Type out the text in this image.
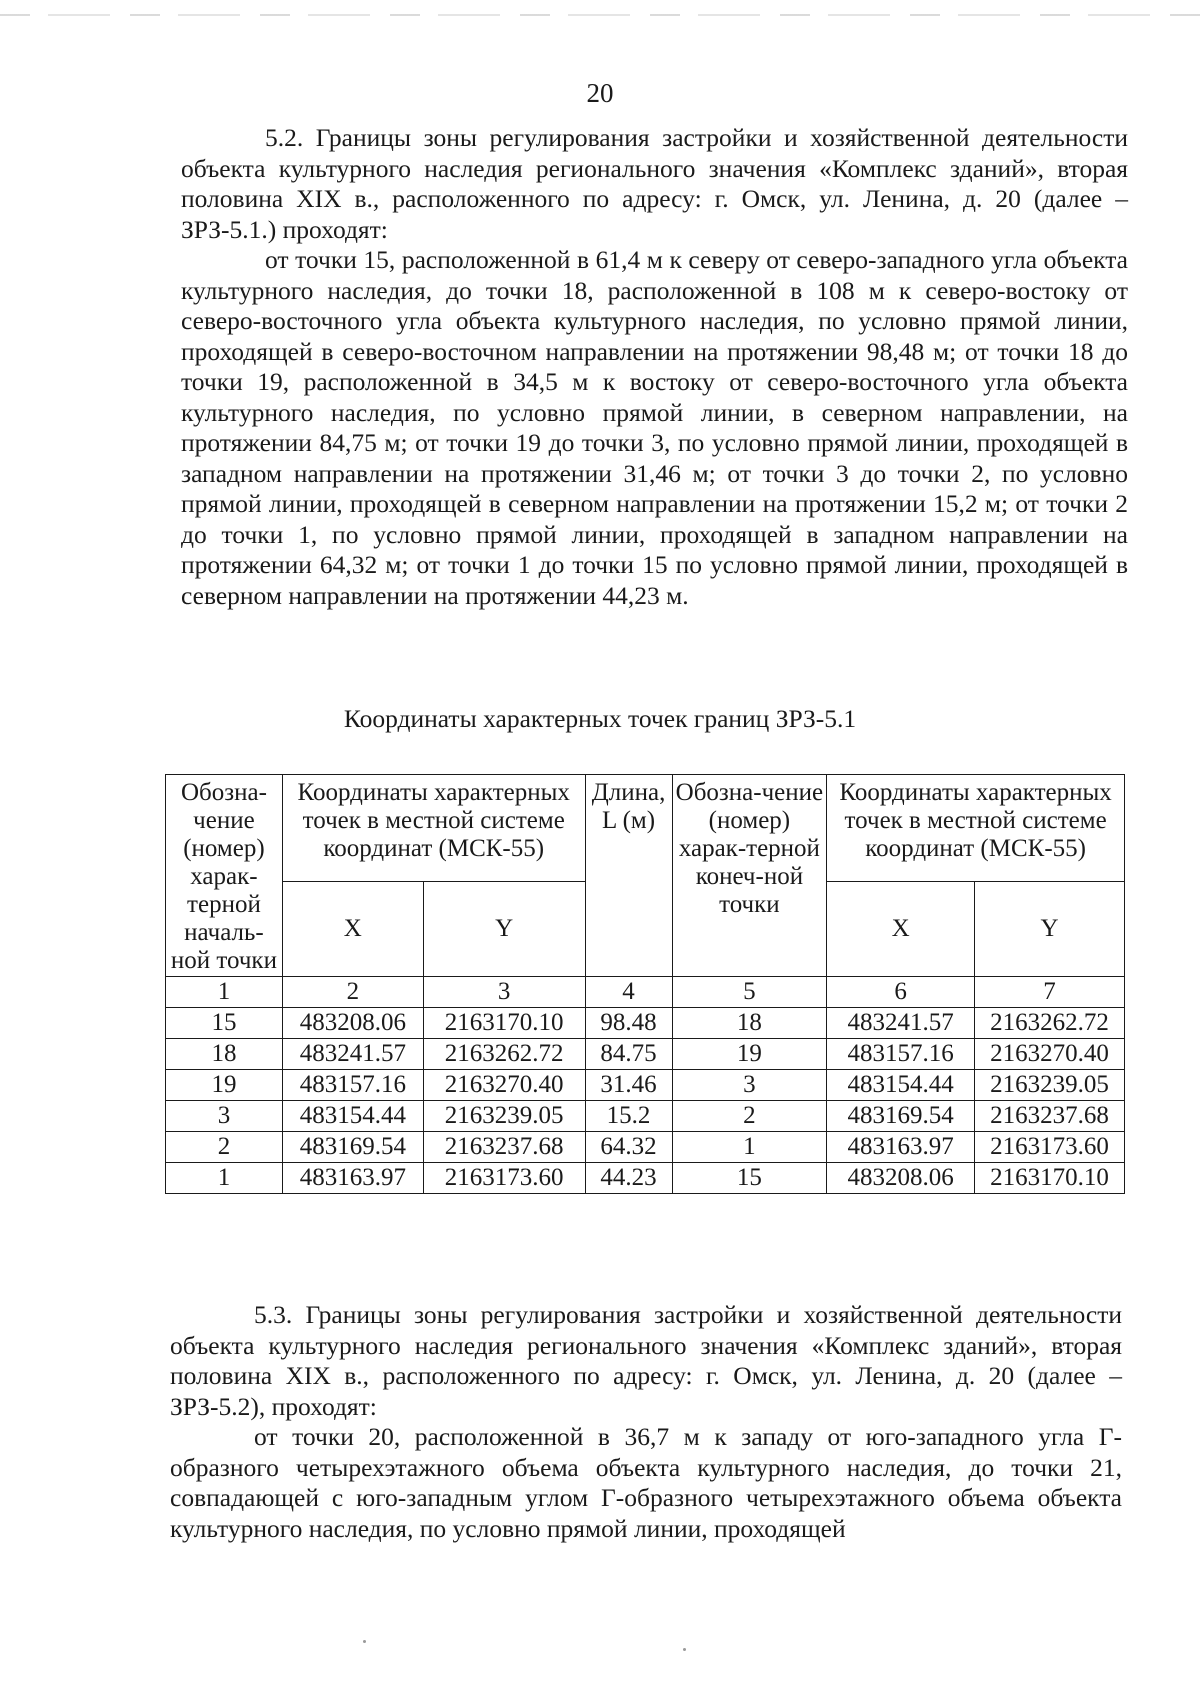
20

5.2. Границы зоны регулирования застройки и хозяйственной деятельности объекта культурного наследия регионального значения «Комплекс зданий», вторая половина XIX в., расположенного по адресу: г. Омск, ул. Ленина, д. 20 (далее – ЗРЗ-5.1.) проходят:

от точки 15, расположенной в 61,4 м к северу от северо-западного угла объекта культурного наследия, до точки 18, расположенной в 108 м к северо-востоку от северо-восточного угла объекта культурного наследия, по условно прямой линии, проходящей в северо-восточном направлении на протяжении 98,48 м; от точки 18 до точки 19, расположенной в 34,5 м к востоку от северо-восточного угла объекта культурного наследия, по условно прямой линии, в северном направлении, на протяжении 84,75 м; от точки 19 до точки 3, по условно прямой линии, проходящей в западном направлении на протяжении 31,46 м; от точки 3 до точки 2, по условно прямой линии, проходящей в северном направлении на протяжении 15,2 м; от точки 2 до точки 1, по условно прямой линии, проходящей в западном направлении на протяжении 64,32 м; от точки 1 до точки 15 по условно прямой линии, проходящей в северном направлении на протяжении 44,23 м.

Координаты характерных точек границ ЗРЗ-5.1
Обозна-чение (номер) харак-терной началь-ной точки	Координаты характерных точек в местной системе координат (МСК-55)		Длина, L (м)	Обозна-чение (номер) харак-терной конеч-ной точки	Координаты характерных точек в местной системе координат (МСК-55)	
	X	Y			X	Y
1	2	3	4	5	6	7
15	483208.06	2163170.10	98.48	18	483241.57	2163262.72
18	483241.57	2163262.72	84.75	19	483157.16	2163270.40
19	483157.16	2163270.40	31.46	3	483154.44	2163239.05
3	483154.44	2163239.05	15.2	2	483169.54	2163237.68
2	483169.54	2163237.68	64.32	1	483163.97	2163173.60
1	483163.97	2163173.60	44.23	15	483208.06	2163170.10

5.3. Границы зоны регулирования застройки и хозяйственной деятельности объекта культурного наследия регионального значения «Комплекс зданий», вторая половина XIX в., расположенного по адресу: г. Омск, ул. Ленина, д. 20 (далее – ЗРЗ-5.2), проходят:

от точки 20, расположенной в 36,7 м к западу от юго-западного угла Г-образного четырехэтажного объема объекта культурного наследия, до точки 21, совпадающей с юго-западным углом Г-образного четырехэтажного объема объекта культурного наследия, по условно прямой линии, проходящей
